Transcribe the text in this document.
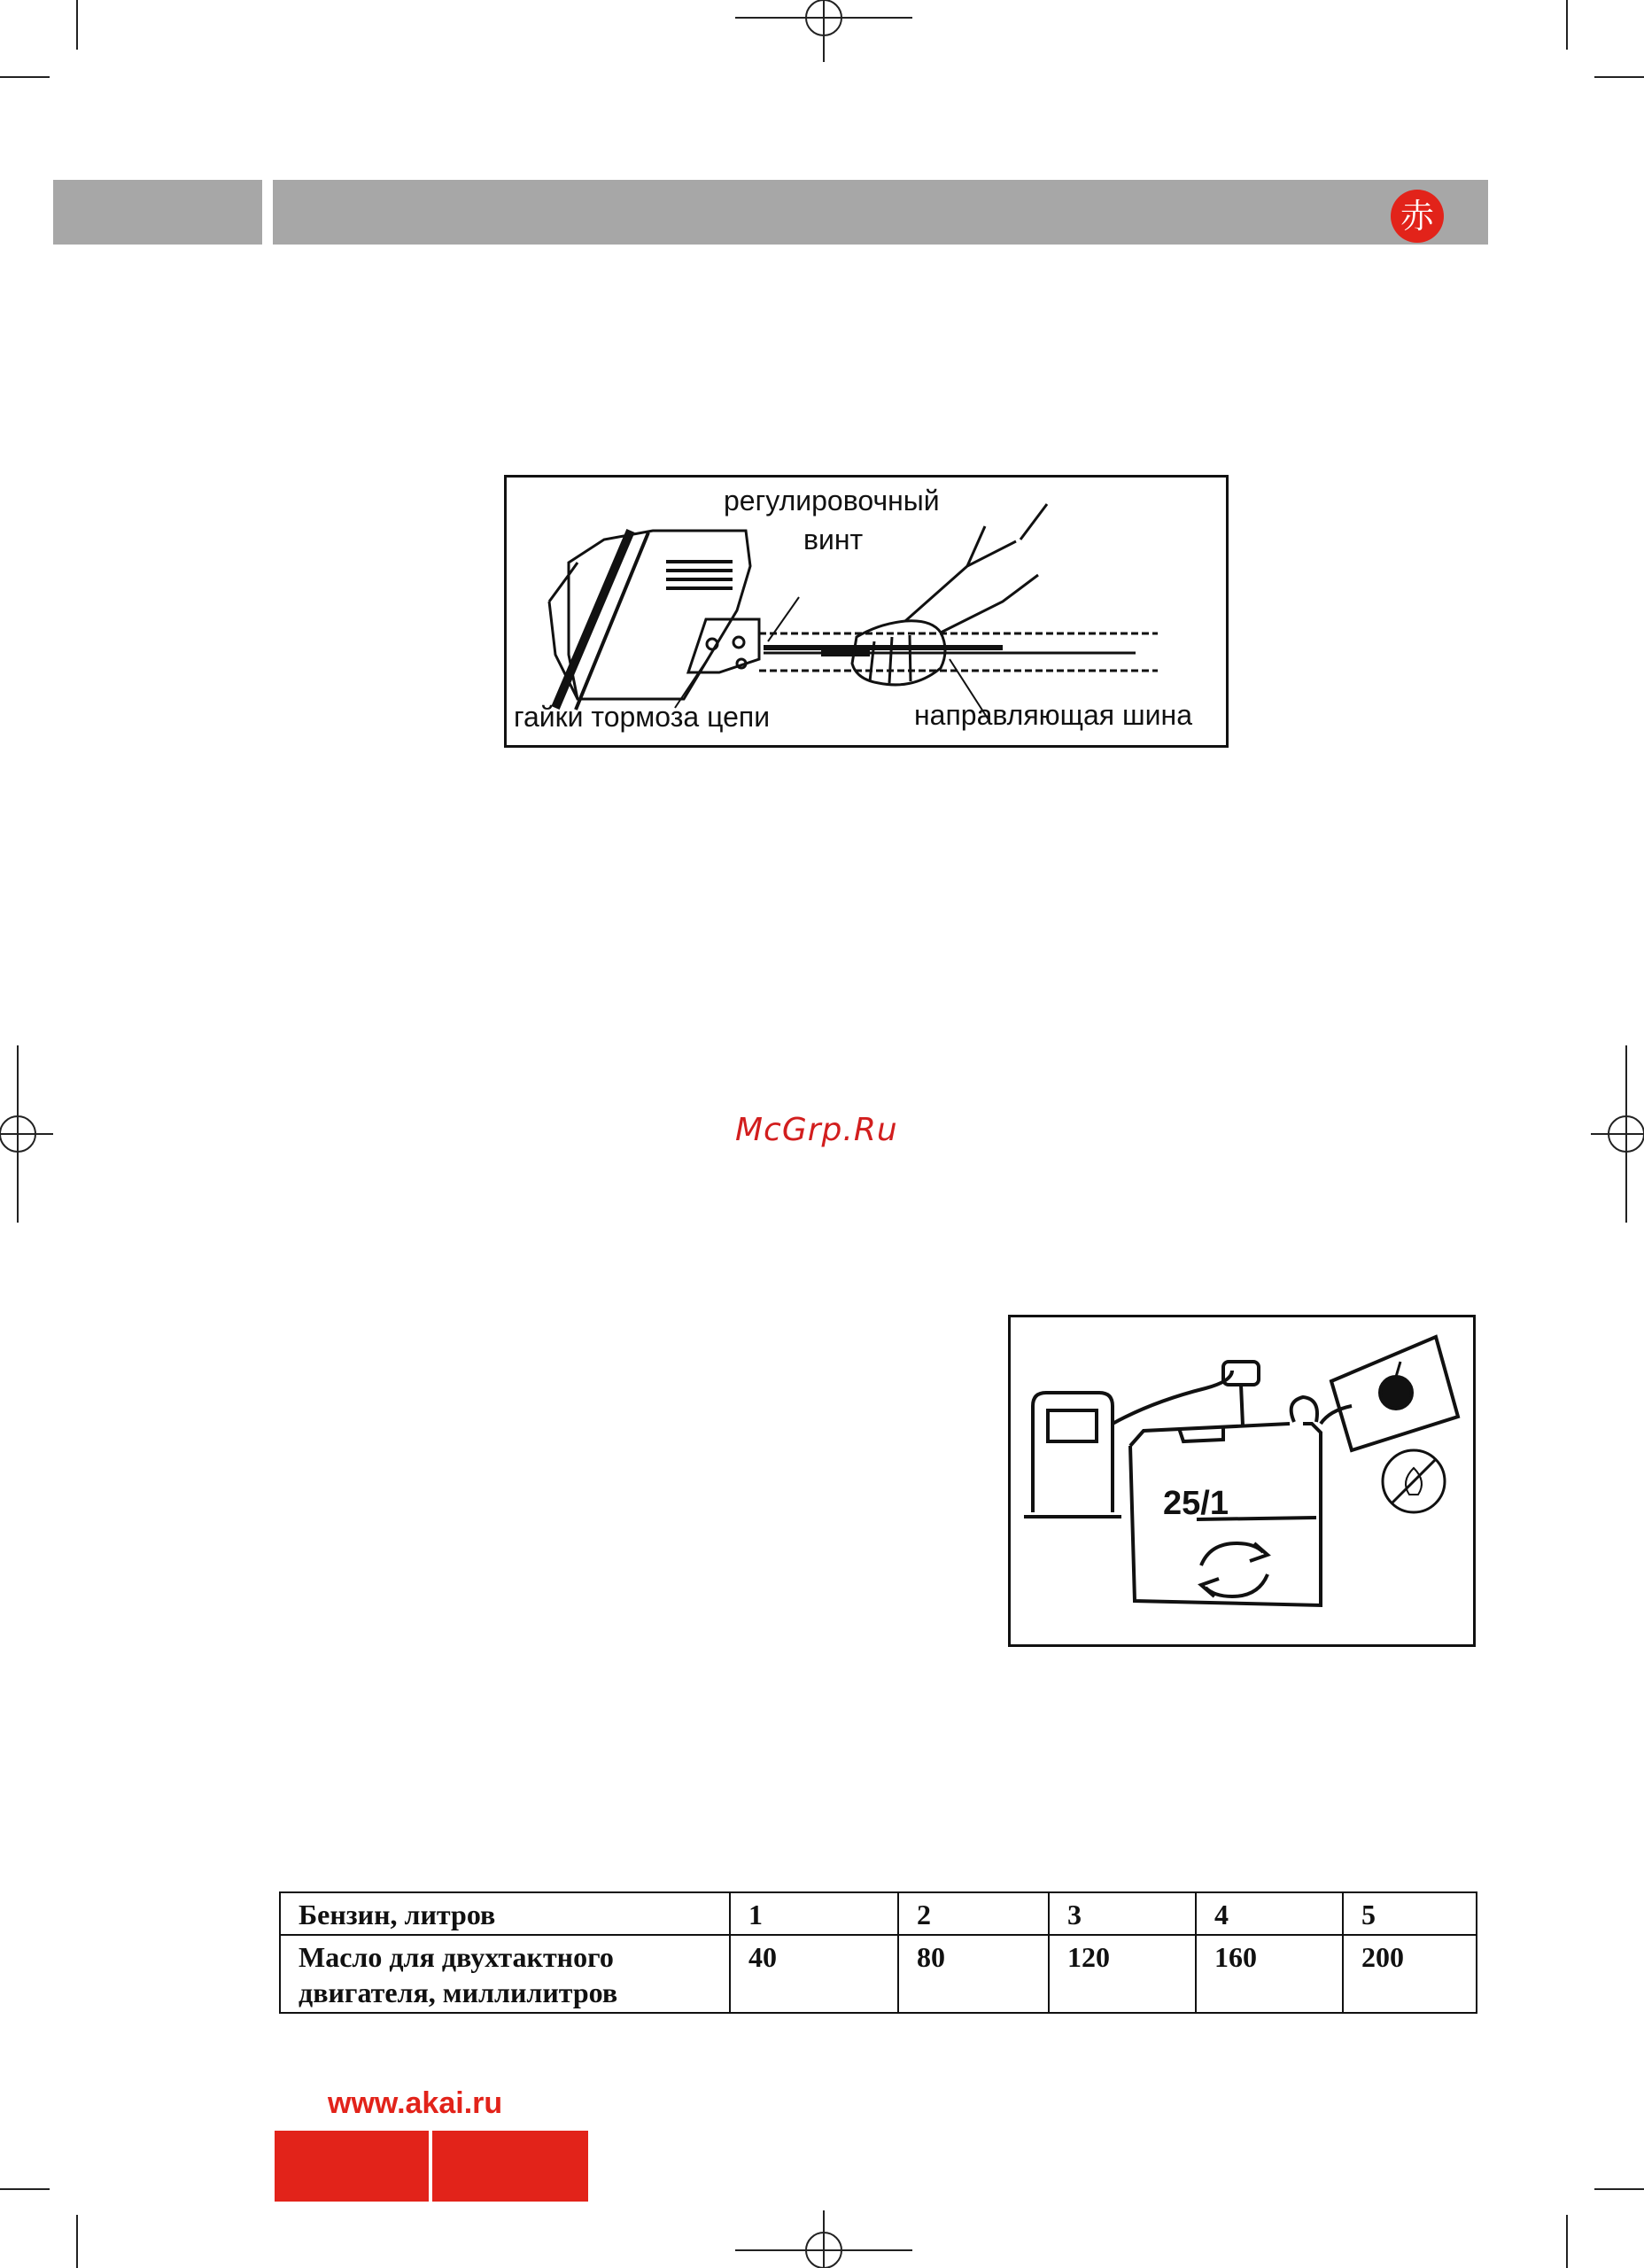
赤
регулировочный
винт
гайки тормоза цепи	направляющая шина
McGrp.Ru
25/1
Бензин, литров	1	2	3	4	5
Масло для двухтактного
двигателя, миллилитров	40	80	120	160	200
www.akai.ru
